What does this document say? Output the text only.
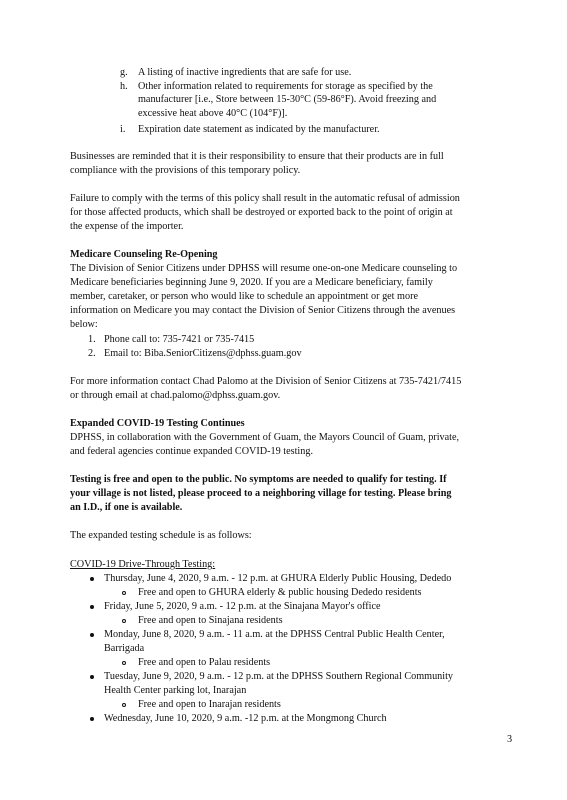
g. A listing of inactive ingredients that are safe for use.
h. Other information related to requirements for storage as specified by the
manufacturer [i.e., Store between 15-30°C (59-86°F). Avoid freezing and
excessive heat above 40°C (104°F)].
i. Expiration date statement as indicated by the manufacturer.
Businesses are reminded that it is their responsibility to ensure that their products are in full
compliance with the provisions of this temporary policy.
Failure to comply with the terms of this policy shall result in the automatic refusal of admission
for those affected products, which shall be destroyed or exported back to the point of origin at
the expense of the importer.
Medicare Counseling Re-Opening
The Division of Senior Citizens under DPHSS will resume one-on-one Medicare counseling to
Medicare beneficiaries beginning June 9, 2020. If you are a Medicare beneficiary, family
member, caretaker, or person who would like to schedule an appointment or get more
information on Medicare you may contact the Division of Senior Citizens through the avenues
below:
1. Phone call to: 735-7421 or 735-7415
2. Email to: Biba.SeniorCitizens@dphss.guam.gov
For more information contact Chad Palomo at the Division of Senior Citizens at 735-7421/7415
or through email at chad.palomo@dphss.guam.gov.
Expanded COVID-19 Testing Continues
DPHSS, in collaboration with the Government of Guam, the Mayors Council of Guam, private,
and federal agencies continue expanded COVID-19 testing.
Testing is free and open to the public. No symptoms are needed to qualify for testing. If
your village is not listed, please proceed to a neighboring village for testing. Please bring
an I.D., if one is available.
The expanded testing schedule is as follows:
COVID-19 Drive-Through Testing:
Thursday, June 4, 2020, 9 a.m. - 12 p.m. at GHURA Elderly Public Housing, Dededo
Free and open to GHURA elderly & public housing Dededo residents
Friday, June 5, 2020, 9 a.m. - 12 p.m. at the Sinajana Mayor's office
Free and open to Sinajana residents
Monday, June 8, 2020, 9 a.m. - 11 a.m. at the DPHSS Central Public Health Center,
Barrigada
Free and open to Palau residents
Tuesday, June 9, 2020, 9 a.m. - 12 p.m. at the DPHSS Southern Regional Community
Health Center parking lot, Inarajan
Free and open to Inarajan residents
Wednesday, June 10, 2020, 9 a.m. -12 p.m. at the Mongmong Church
3
